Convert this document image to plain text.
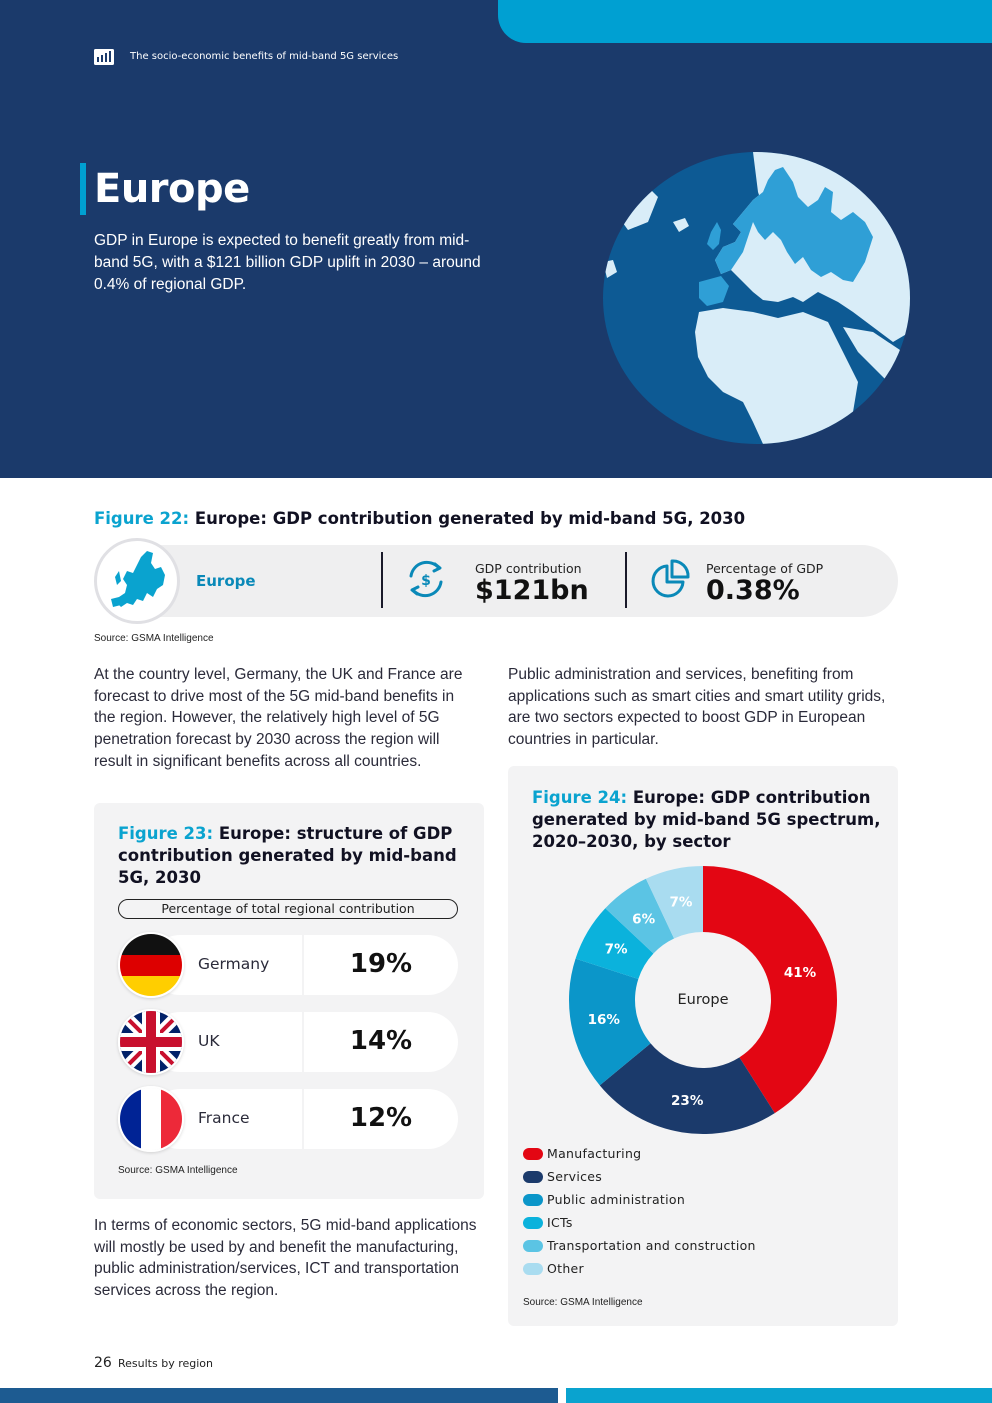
The socio-economic benefits of mid-band 5G services
Europe
GDP in Europe is expected to benefit greatly from mid-band 5G, with a $121 billion GDP uplift in 2030 – around 0.4% of regional GDP.
Figure 22: Europe: GDP contribution generated by mid-band 5G, 2030
Europe	$
GDP contribution
$121bn
Percentage of GDP
0.38%
Source: GSMA Intelligence
At the country level, Germany, the UK and France are forecast to drive most of the 5G mid-band benefits in the region. However, the relatively high level of 5G penetration forecast by 2030 across the region will result in significant benefits across all countries.
Public administration and services, benefiting from applications such as smart cities and smart utility grids, are two sectors expected to boost GDP in European countries in particular.
Figure 23: Europe: structure of GDP contribution generated by mid-band 5G, 2030
Percentage of total regional contribution
Germany	19%
UK	14%
France	12%
Source: GSMA Intelligence
In terms of economic sectors, 5G mid-band applications will mostly be used by and benefit the manufacturing, public administration/services, ICT and transportation services across the region.
Figure 24: Europe: GDP contribution generated by mid-band 5G spectrum, 2020–2030, by sector
41%
23%
16%
7%
6%
7%
Europe
Manufacturing
Services
Public administration
ICTs
Transportation and construction
Other
Source: GSMA Intelligence
26 Results by region
